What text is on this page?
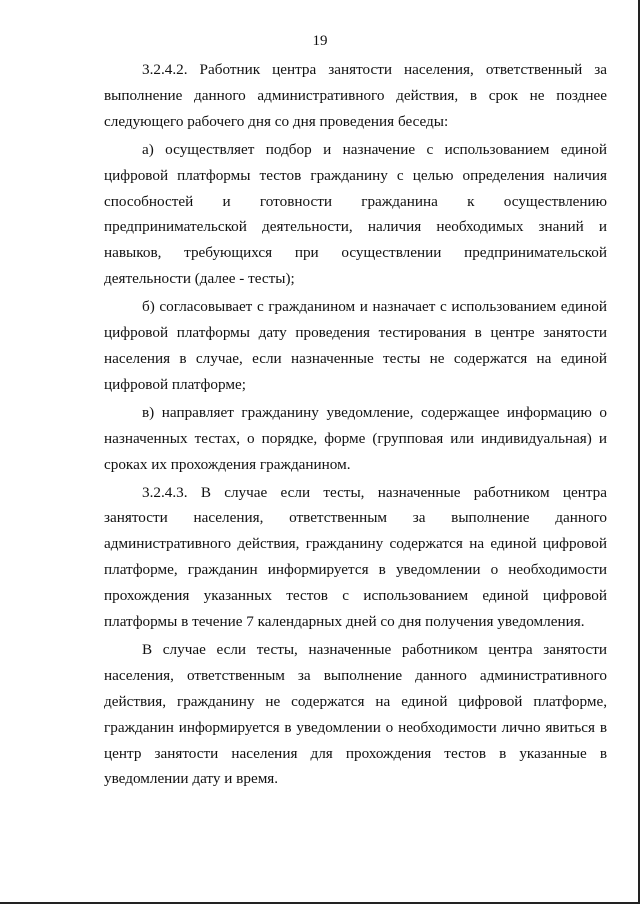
19

3.2.4.2. Работник центра занятости населения, ответственный за выполнение данного административного действия, в срок не позднее следующего рабочего дня со дня проведения беседы:

а) осуществляет подбор и назначение с использованием единой цифровой платформы тестов гражданину с целью определения наличия способностей и готовности гражданина к осуществлению предпринимательской деятельности, наличия необходимых знаний и навыков, требующихся при осуществлении предпринимательской деятельности (далее - тесты);

б) согласовывает с гражданином и назначает с использованием единой цифровой платформы дату проведения тестирования в центре занятости населения в случае, если назначенные тесты не содержатся на единой цифровой платформе;

в) направляет гражданину уведомление, содержащее информацию о назначенных тестах, о порядке, форме (групповая или индивидуальная) и сроках их прохождения гражданином.

3.2.4.3. В случае если тесты, назначенные работником центра занятости населения, ответственным за выполнение данного административного действия, гражданину содержатся на единой цифровой платформе, гражданин информируется в уведомлении о необходимости прохождения указанных тестов с использованием единой цифровой платформы в течение 7 календарных дней со дня получения уведомления.

В случае если тесты, назначенные работником центра занятости населения, ответственным за выполнение данного административного действия, гражданину не содержатся на единой цифровой платформе, гражданин информируется в уведомлении о необходимости лично явиться в центр занятости населения для прохождения тестов в указанные в уведомлении дату и время.
